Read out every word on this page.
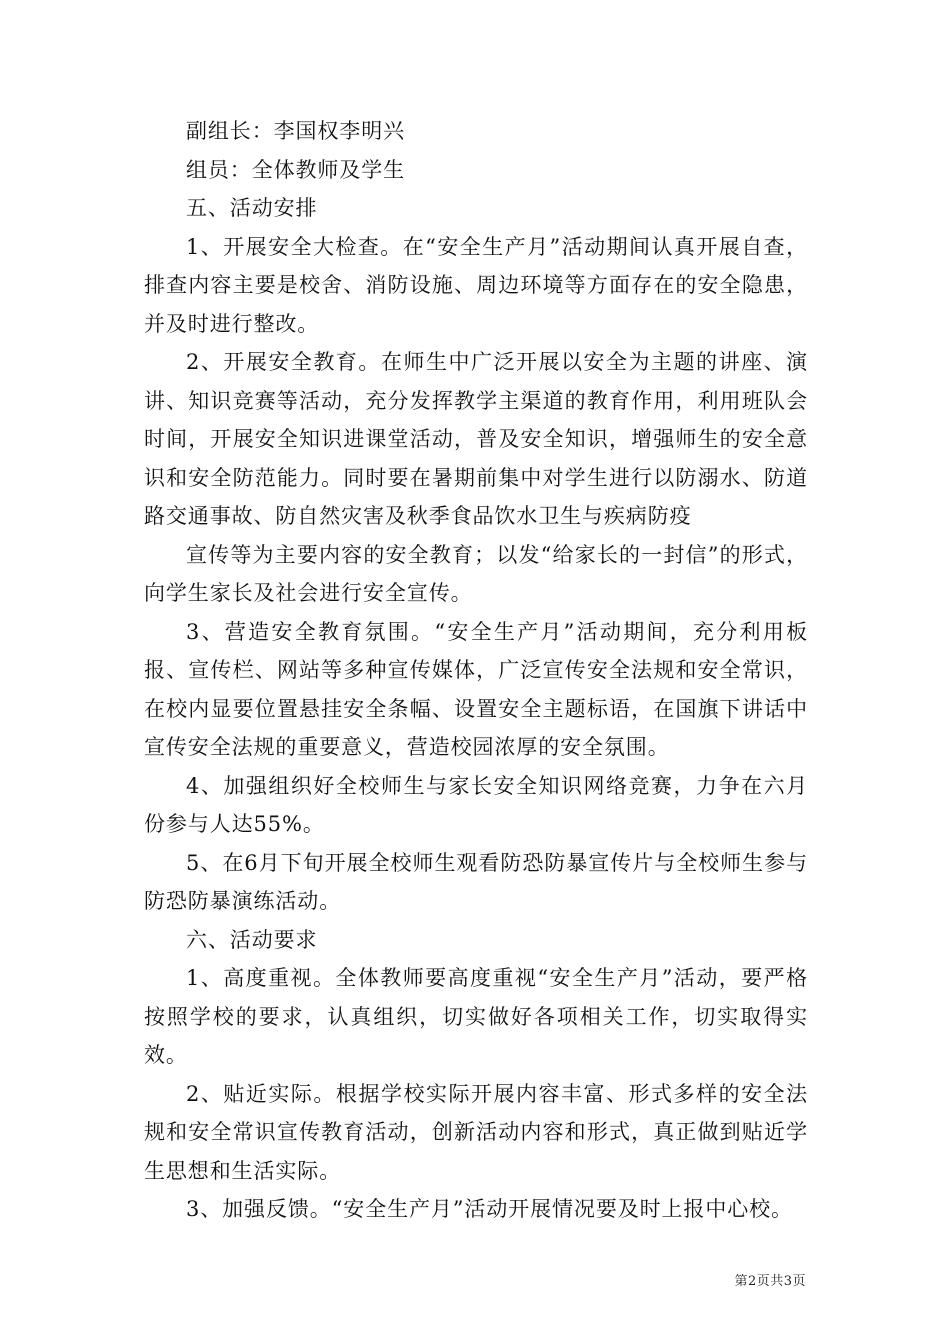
副组长：李国权李明兴

组员：全体教师及学生

五、活动安排

1、开展安全大检查。在“安全生产月”活动期间认真开展自查，排查内容主要是校舍、消防设施、周边环境等方面存在的安全隐患，并及时进行整改。

2、开展安全教育。在师生中广泛开展以安全为主题的讲座、演讲、知识竞赛等活动，充分发挥教学主渠道的教育作用，利用班队会时间，开展安全知识进课堂活动，普及安全知识，增强师生的安全意识和安全防范能力。同时要在暑期前集中对学生进行以防溺水、防道路交通事故、防自然灾害及秋季食品饮水卫生与疾病防疫

宣传等为主要内容的安全教育；以发“给家长的一封信”的形式，向学生家长及社会进行安全宣传。

3、营造安全教育氛围。“安全生产月”活动期间，充分利用板报、宣传栏、网站等多种宣传媒体，广泛宣传安全法规和安全常识，在校内显要位置悬挂安全条幅、设置安全主题标语，在国旗下讲话中宣传安全法规的重要意义，营造校园浓厚的安全氛围。

4、加强组织好全校师生与家长安全知识网络竞赛，力争在六月份参与人达55%。

5、在6月下旬开展全校师生观看防恐防暴宣传片与全校师生参与防恐防暴演练活动。

六、活动要求

1、高度重视。全体教师要高度重视“安全生产月”活动，要严格按照学校的要求，认真组织，切实做好各项相关工作，切实取得实效。

2、贴近实际。根据学校实际开展内容丰富、形式多样的安全法规和安全常识宣传教育活动，创新活动内容和形式，真正做到贴近学生思想和生活实际。

3、加强反馈。“安全生产月”活动开展情况要及时上报中心校。

第2页共3页
